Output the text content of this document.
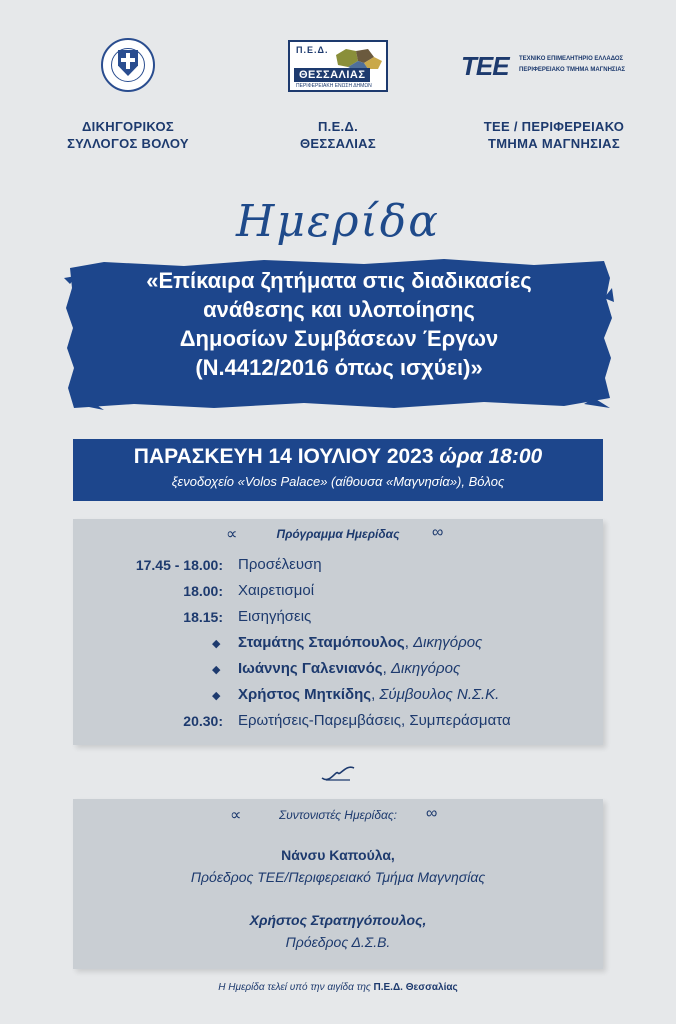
Π.Ε.Δ.
ΘΕΣΣΑΛΙΑΣ
ΠΕΡΙΦΕΡΕΙΑΚΗ ΕΝΩΣΗ ΔΗΜΩΝ
ΤΕΕ ΤΕΧΝΙΚΟ ΕΠΙΜΕΛΗΤΗΡΙΟ ΕΛΛΑΔΟΣ
ΠΕΡΙΦΕΡΕΙΑΚΟ ΤΜΗΜΑ ΜΑΓΝΗΣΙΑΣ
ΔΙΚΗΓΟΡΙΚΟΣ
ΣΥΛΛΟΓΟΣ ΒΟΛΟΥ
Π.Ε.Δ.
ΘΕΣΣΑΛΙΑΣ
ΤΕΕ / ΠΕΡΙΦΕΡΕΙΑΚΟ
ΤΜΗΜΑ ΜΑΓΝΗΣΙΑΣ
Ημερίδα
«Επίκαιρα ζητήματα στις διαδικασίες
ανάθεσης και υλοποίησης
Δημοσίων Συμβάσεων Έργων
(Ν.4412/2016 όπως ισχύει)»
ΠΑΡΑΣΚΕΥΗ 14 ΙΟΥΛΙΟΥ 2023 ώρα 18:00
ξενοδοχείο «Volos Palace» (αίθουσα «Μαγνησία»), Βόλος
∝	Πρόγραμμα Ημερίδας	∞
17.45 - 18.00: Προσέλευση
18.00: Χαιρετισμοί
18.15: Εισηγήσεις
◆ Σταμάτης Σταμόπουλος, Δικηγόρος
◆ Ιωάννης Γαλενιανός, Δικηγόρος
◆ Χρήστος Μητκίδης, Σύμβουλος Ν.Σ.Κ.
20.30: Ερωτήσεις-Παρεμβάσεις, Συμπεράσματα
∝	Συντονιστές Ημερίδας:	∞
Νάνσυ Καπούλα,
Πρόεδρος ΤΕΕ/Περιφερειακό Τμήμα Μαγνησίας
Χρήστος Στρατηγόπουλος,
Πρόεδρος Δ.Σ.Β.
Η Ημερίδα τελεί υπό την αιγίδα της Π.Ε.Δ. Θεσσαλίας
